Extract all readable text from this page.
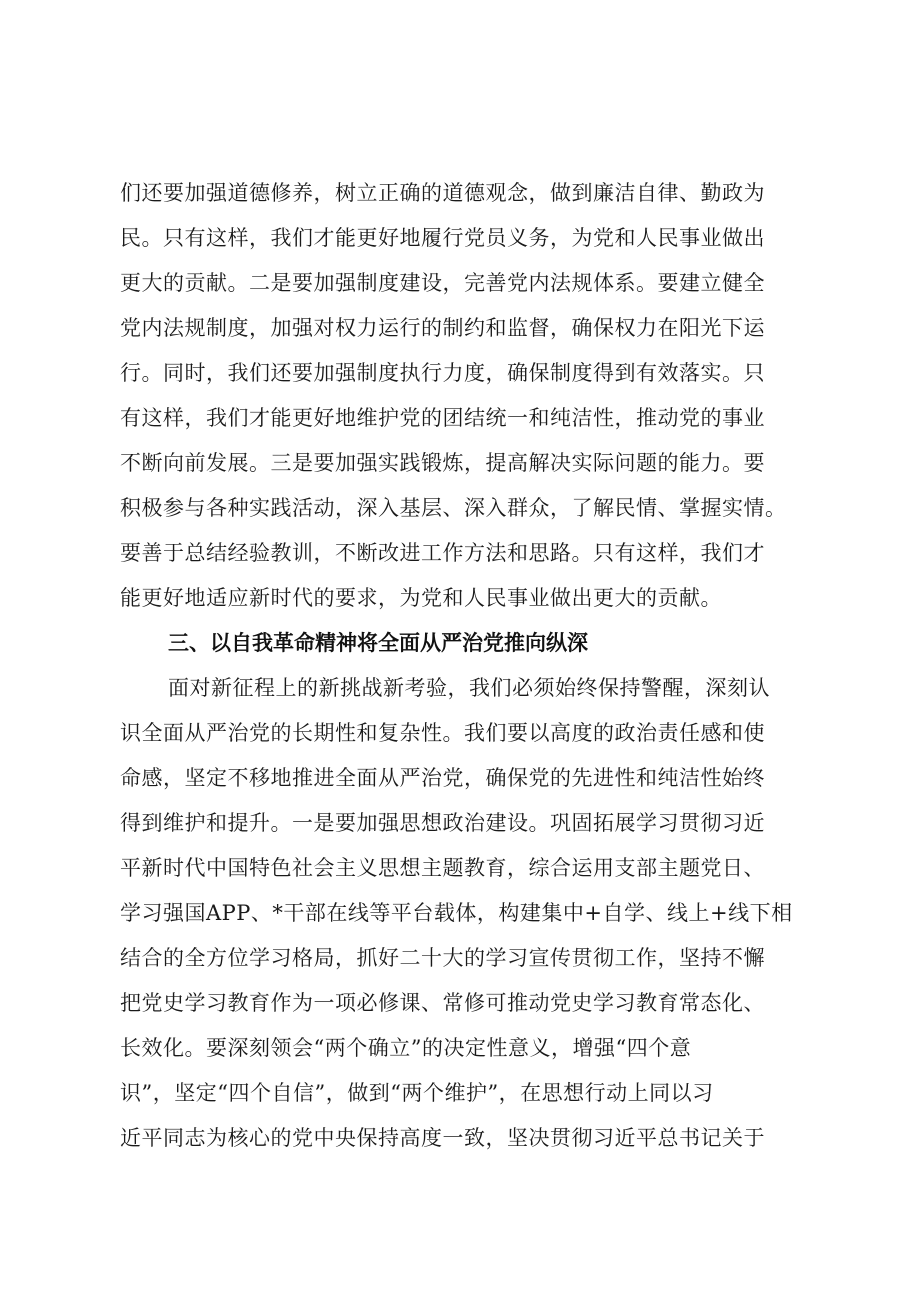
们还要加强道德修养，树立正确的道德观念，做到廉洁自律、勤政为
民。只有这样，我们才能更好地履行党员义务，为党和人民事业做出
更大的贡献。二是要加强制度建设，完善党内法规体系。要建立健全
党内法规制度，加强对权力运行的制约和监督，确保权力在阳光下运
行。同时，我们还要加强制度执行力度，确保制度得到有效落实。只
有这样，我们才能更好地维护党的团结统一和纯洁性，推动党的事业
不断向前发展。三是要加强实践锻炼，提高解决实际问题的能力。要
积极参与各种实践活动，深入基层、深入群众，了解民情、掌握实情。
要善于总结经验教训，不断改进工作方法和思路。只有这样，我们才
能更好地适应新时代的要求，为党和人民事业做出更大的贡献。

三、以自我革命精神将全面从严治党推向纵深

面对新征程上的新挑战新考验，我们必须始终保持警醒，深刻认
识全面从严治党的长期性和复杂性。我们要以高度的政治责任感和使
命感，坚定不移地推进全面从严治党，确保党的先进性和纯洁性始终
得到维护和提升。一是要加强思想政治建设。巩固拓展学习贯彻习近
平新时代中国特色社会主义思想主题教育，综合运用支部主题党日、
学习强国APP、*干部在线等平台载体，构建集中+自学、线上+线下相
结合的全方位学习格局，抓好二十大的学习宣传贯彻工作，坚持不懈
把党史学习教育作为一项必修课、常修可推动党史学习教育常态化、
长效化。要深刻领会“两个确立”的决定性意义，增强“四个意
识”，坚定“四个自信”，做到“两个维护”，在思想行动上同以习
近平同志为核心的党中央保持高度一致，坚决贯彻习近平总书记关于
